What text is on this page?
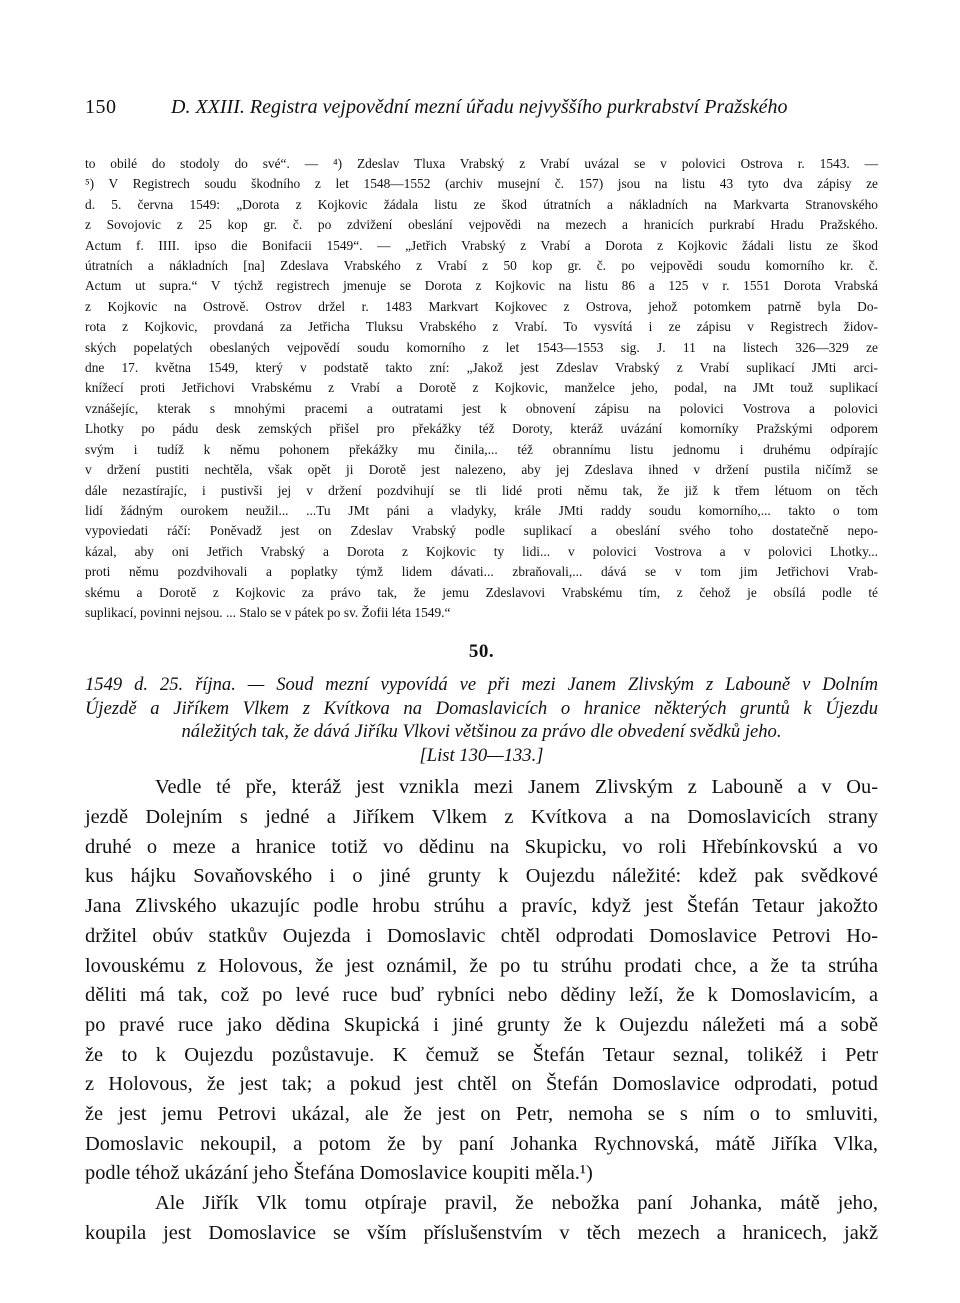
150	D. XXIII. Registra vejpovědní mezní úřadu nejvyššího purkrabství Pražského
to obilé do stodoly do své“. — ⁴) Zdeslav Tluxa Vrabský z Vrabí uvázal se v polovici Ostrova r. 1543. —
⁵) V Registrech soudu škodního z let 1548—1552 (archiv musejní č. 157) jsou na listu 43 tyto dva zápisy ze
d. 5. června 1549: „Dorota z Kojkovic žádala listu ze škod útratních a nákladních na Markvarta Stranovského
z Sovojovic z 25 kop gr. č. po zdvižení obeslání vejpovědi na mezech a hranicích purkrabí Hradu Pražského.
Actum f. IIII. ipso die Bonifacii 1549“. — „Jetřich Vrabský z Vrabí a Dorota z Kojkovic žádali listu ze škod
útratních a nákladních [na] Zdeslava Vrabského z Vrabí z 50 kop gr. č. po vejpovědi soudu komorního kr. č.
Actum ut supra.“ V týchž registrech jmenuje se Dorota z Kojkovic na listu 86 a 125 v r. 1551 Dorota Vrabská
z Kojkovic na Ostrově. Ostrov držel r. 1483 Markvart Kojkovec z Ostrova, jehož potomkem patrně byla Do-
rota z Kojkovic, provdaná za Jetřicha Tluksu Vrabského z Vrabí. To vysvítá i ze zápisu v Registrech židov-
ských popelatých obeslaných vejpovědí soudu komorního z let 1543—1553 sig. J. 11 na listech 326—329 ze
dne 17. května 1549, který v podstatě takto zní: „Jakož jest Zdeslav Vrabský z Vrabí suplikací JMti arci-
knížecí proti Jetřichovi Vrabskému z Vrabí a Dorotě z Kojkovic, manželce jeho, podal, na JMt touž suplikací
vznášejíc, kterak s mnohými pracemi a outratami jest k obnovení zápisu na polovici Vostrova a polovici
Lhotky po pádu desk zemských přišel pro překážky též Doroty, kteráž uvázání komorníky Pražskými odporem
svým i tudíž k němu pohonem překážky mu činila,... též obrannímu listu jednomu i druhému odpírajíc
v držení pustiti nechtěla, však opět ji Dorotě jest nalezeno, aby jej Zdeslava ihned v držení pustila ničímž se
dále nezastírajíc, i pustivši jej v držení pozdvihují se tli lidé proti němu tak, že již k třem létuom on těch
lidí žádným ourokem neužil... ...Tu JMt páni a vladyky, krále JMti raddy soudu komorního,... takto o tom
vypoviedati ráčí: Poněvadž jest on Zdeslav Vrabský podle suplikací a obeslání svého toho dostatečně nepo-
kázal, aby oni Jetřich Vrabský a Dorota z Kojkovic ty lidi... v polovici Vostrova a v polovici Lhotky...
proti němu pozdvihovali a poplatky týmž lidem dávati... zbraňovali,... dává se v tom jim Jetřichovi Vrab-
skému a Dorotě z Kojkovic za právo tak, že jemu Zdeslavovi Vrabskému tím, z čehož je obsílá podle té
suplikací, povinni nejsou. ... Stalo se v pátek po sv. Žofii léta 1549.“
50.
1549 d. 25. října. — Soud mezní vypovídá ve při mezi Janem Zlivským z Labouně v Dolním
Újezdě a Jiříkem Vlkem z Kvítkova na Domaslavicích o hranice některých gruntů k Újezdu
náležitých tak, že dává Jiříku Vlkovi většinou za právo dle obvedení svědků jeho.
[List 130—133.]
Vedle té pře, kteráž jest vznikla mezi Janem Zlivským z Labouně a v Ou-
jezdě Dolejním s jedné a Jiříkem Vlkem z Kvítkova a na Domoslavicích strany
druhé o meze a hranice totiž vo dědinu na Skupicku, vo roli Hřebínkovskú a vo
kus hájku Sovaňovského i o jiné grunty k Oujezdu náležité: kdež pak svědkové
Jana Zlivského ukazujíc podle hrobu strúhu a pravíc, když jest Štefán Tetaur jakožto
držitel obúv statkův Oujezda i Domoslavic chtěl odprodati Domoslavice Petrovi Ho-
lovouskému z Holovous, že jest oznámil, že po tu strúhu prodati chce, a že ta strúha
děliti má tak, což po levé ruce buď rybníci nebo dědiny leží, že k Domoslavicím, a
po pravé ruce jako dědina Skupická i jiné grunty že k Oujezdu náležeti má a sobě
že to k Oujezdu pozůstavuje. K čemuž se Štefán Tetaur seznal, tolikéž i Petr
z Holovous, že jest tak; a pokud jest chtěl on Štefán Domoslavice odprodati, potud
že jest jemu Petrovi ukázal, ale že jest on Petr, nemoha se s ním o to smluviti,
Domoslavic nekoupil, a potom že by paní Johanka Rychnovská, mátě Jiříka Vlka,
podle téhož ukázání jeho Štefána Domoslavice koupiti měla.¹)
Ale Jiřík Vlk tomu otpíraje pravil, že nebožka paní Johanka, mátě jeho,
koupila jest Domoslavice se vším příslušenstvím v těch mezech a hranicech, jakž
